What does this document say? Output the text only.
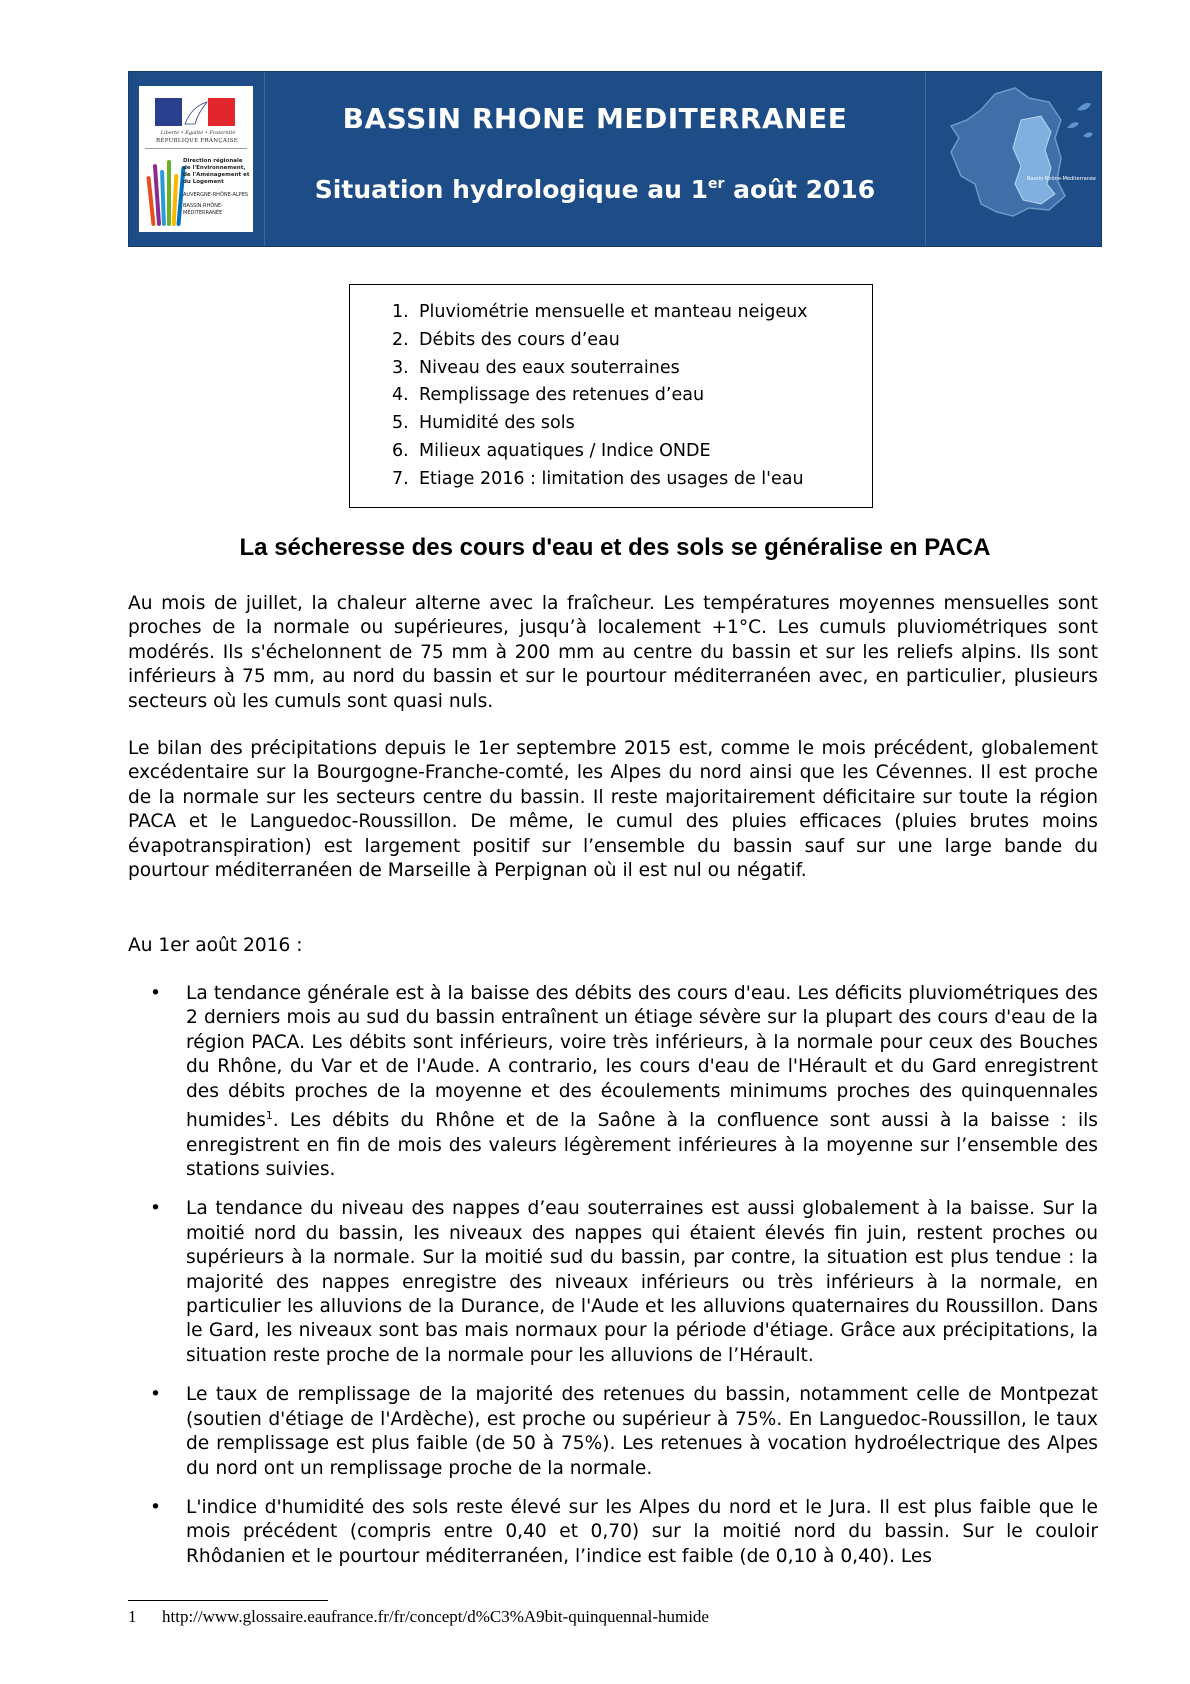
Liberté • Égalité • Fraternité
RÉPUBLIQUE FRANÇAISE
Direction régionale de l'Environnement, de l'Aménagement et du Logement
AUVERGNE-RHÔNE-ALPES
BASSIN RHÔNE-MÉDITERRANÉE
BASSIN RHONE MEDITERRANEE
Situation hydrologique au 1er août 2016	Bassin Rhône-Méditerranée
1. Pluviométrie mensuelle et manteau neigeux
2. Débits des cours d’eau
3. Niveau des eaux souterraines
4. Remplissage des retenues d’eau
5. Humidité des sols
6. Milieux aquatiques / Indice ONDE
7. Etiage 2016 : limitation des usages de l'eau
La sécheresse des cours d'eau et des sols se généralise en PACA

Au mois de juillet, la chaleur alterne avec la fraîcheur. Les températures moyennes mensuelles sont proches de la normale ou supérieures, jusqu’à localement +1°C. Les cumuls pluviométriques sont modérés. Ils s'échelonnent de 75 mm à 200 mm au centre du bassin et sur les reliefs alpins. Ils sont inférieurs à 75 mm, au nord du bassin et sur le pourtour méditerranéen avec, en particulier, plusieurs secteurs où les cumuls sont quasi nuls.

Le bilan des précipitations depuis le 1er septembre 2015 est, comme le mois précédent, globalement excédentaire sur la Bourgogne-Franche-comté, les Alpes du nord ainsi que les Cévennes. Il est proche de la normale sur les secteurs centre du bassin. Il reste majoritairement déficitaire sur toute la région PACA et le Languedoc-Roussillon. De même, le cumul des pluies efficaces (pluies brutes moins évapotranspiration) est largement positif sur l’ensemble du bassin sauf sur une large bande du pourtour méditerranéen de Marseille à Perpignan où il est nul ou négatif.

Au 1er août 2016 :

• La tendance générale est à la baisse des débits des cours d'eau. Les déficits pluviométriques des 2 derniers mois au sud du bassin entraînent un étiage sévère sur la plupart des cours d'eau de la région PACA. Les débits sont inférieurs, voire très inférieurs, à la normale pour ceux des Bouches du Rhône, du Var et de l'Aude. A contrario, les cours d'eau de l'Hérault et du Gard enregistrent des débits proches de la moyenne et des écoulements minimums proches des quinquennales humides$^1$. Les débits du Rhône et de la Saône à la confluence sont aussi à la baisse : ils enregistrent en fin de mois des valeurs légèrement inférieures à la moyenne sur l’ensemble des stations suivies.
• La tendance du niveau des nappes d’eau souterraines est aussi globalement à la baisse. Sur la moitié nord du bassin, les niveaux des nappes qui étaient élevés fin juin, restent proches ou supérieurs à la normale. Sur la moitié sud du bassin, par contre, la situation est plus tendue : la majorité des nappes enregistre des niveaux inférieurs ou très inférieurs à la normale, en particulier les alluvions de la Durance, de l'Aude et les alluvions quaternaires du Roussillon. Dans le Gard, les niveaux sont bas mais normaux pour la période d'étiage. Grâce aux précipitations, la situation reste proche de la normale pour les alluvions de l’Hérault.
• Le taux de remplissage de la majorité des retenues du bassin, notamment celle de Montpezat (soutien d'étiage de l'Ardèche), est proche ou supérieur à 75%. En Languedoc-Roussillon, le taux de remplissage est plus faible (de 50 à 75%). Les retenues à vocation hydroélectrique des Alpes du nord ont un remplissage proche de la normale.
• L'indice d'humidité des sols reste élevé sur les Alpes du nord et le Jura. Il est plus faible que le mois précédent (compris entre 0,40 et 0,70) sur la moitié nord du bassin. Sur le couloir Rhôdanien et le pourtour méditerranéen, l’indice est faible (de 0,10 à 0,40). Les
1 http://www.glossaire.eaufrance.fr/fr/concept/d%C3%A9bit-quinquennal-humide
